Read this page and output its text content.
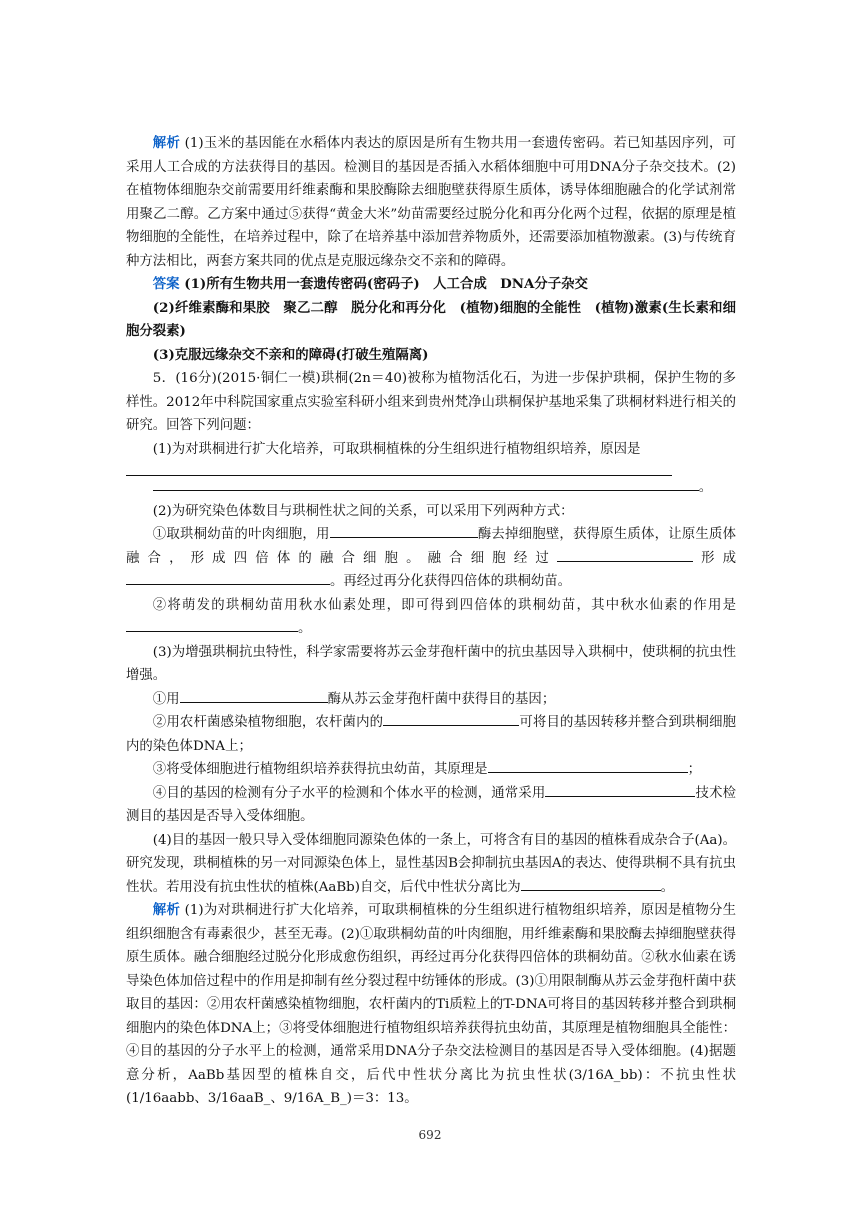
解析 (1)玉米的基因能在水稻体内表达的原因是所有生物共用一套遗传密码。若已知基因序列，可采用人工合成的方法获得目的基因。检测目的基因是否插入水稻体细胞中可用DNA分子杂交技术。(2)在植物体细胞杂交前需要用纤维素酶和果胶酶除去细胞壁获得原生质体，诱导体细胞融合的化学试剂常用聚乙二醇。乙方案中通过⑤获得“黄金大米”幼苗需要经过脱分化和再分化两个过程，依据的原理是植物细胞的全能性，在培养过程中，除了在培养基中添加营养物质外，还需要添加植物激素。(3)与传统育种方法相比，两套方案共同的优点是克服远缘杂交不亲和的障碍。

答案 (1)所有生物共用一套遗传密码(密码子)　人工合成　DNA分子杂交

(2)纤维素酶和果胶　聚乙二醇　脱分化和再分化　(植物)细胞的全能性　(植物)激素(生长素和细胞分裂素)

(3)克服远缘杂交不亲和的障碍(打破生殖隔离)

5．(16分)(2015·铜仁一模)珙桐(2n＝40)被称为植物活化石，为进一步保护珙桐，保护生物的多样性。2012年中科院国家重点实验室科研小组来到贵州梵净山珙桐保护基地采集了珙桐材料进行相关的研究。回答下列问题：

(1)为对珙桐进行扩大化培养，可取珙桐植株的分生组织进行植物组织培养，原因是

。

(2)为研究染色体数目与珙桐性状之间的关系，可以采用下列两种方式：

①取珙桐幼苗的叶肉细胞，用	酶去掉细胞壁，获得原生质体，让原生质体融合，形成四倍体的融合细胞。融合细胞经过	形成。再经过再分化获得四倍体的珙桐幼苗。

②将萌发的珙桐幼苗用秋水仙素处理，即可得到四倍体的珙桐幼苗，其中秋水仙素的作用是。

(3)为增强珙桐抗虫特性，科学家需要将苏云金芽孢杆菌中的抗虫基因导入珙桐中，使珙桐的抗虫性增强。

①用	酶从苏云金芽孢杆菌中获得目的基因；

②用农杆菌感染植物细胞，农杆菌内的	可将目的基因转移并整合到珙桐细胞内的染色体DNA上；

③将受体细胞进行植物组织培养获得抗虫幼苗，其原理是	；

④目的基因的检测有分子水平的检测和个体水平的检测，通常采用	技术检测目的基因是否导入受体细胞。

(4)目的基因一般只导入受体细胞同源染色体的一条上，可将含有目的基因的植株看成杂合子(Aa)。研究发现，珙桐植株的另一对同源染色体上，显性基因B会抑制抗虫基因A的表达、使得珙桐不具有抗虫性状。若用没有抗虫性状的植株(AaBb)自交，后代中性状分离比为	。

解析 (1)为对珙桐进行扩大化培养，可取珙桐植株的分生组织进行植物组织培养，原因是植物分生组织细胞含有毒素很少，甚至无毒。(2)①取珙桐幼苗的叶肉细胞，用纤维素酶和果胶酶去掉细胞壁获得原生质体。融合细胞经过脱分化形成愈伤组织，再经过再分化获得四倍体的珙桐幼苗。②秋水仙素在诱导染色体加倍过程中的作用是抑制有丝分裂过程中纺锤体的形成。(3)①用限制酶从苏云金芽孢杆菌中获取目的基因：②用农杆菌感染植物细胞，农杆菌内的Ti质粒上的T-DNA可将目的基因转移并整合到珙桐细胞内的染色体DNA上；③将受体细胞进行植物组织培养获得抗虫幼苗，其原理是植物细胞具全能性：④目的基因的分子水平上的检测，通常采用DNA分子杂交法检测目的基因是否导入受体细胞。(4)据题意分析，AaBb基因型的植株自交，后代中性状分离比为抗虫性状(3/16A_bb)：不抗虫性状(1/16aabb、3/16aaB_、9/16A_B_)＝3：13。

692
